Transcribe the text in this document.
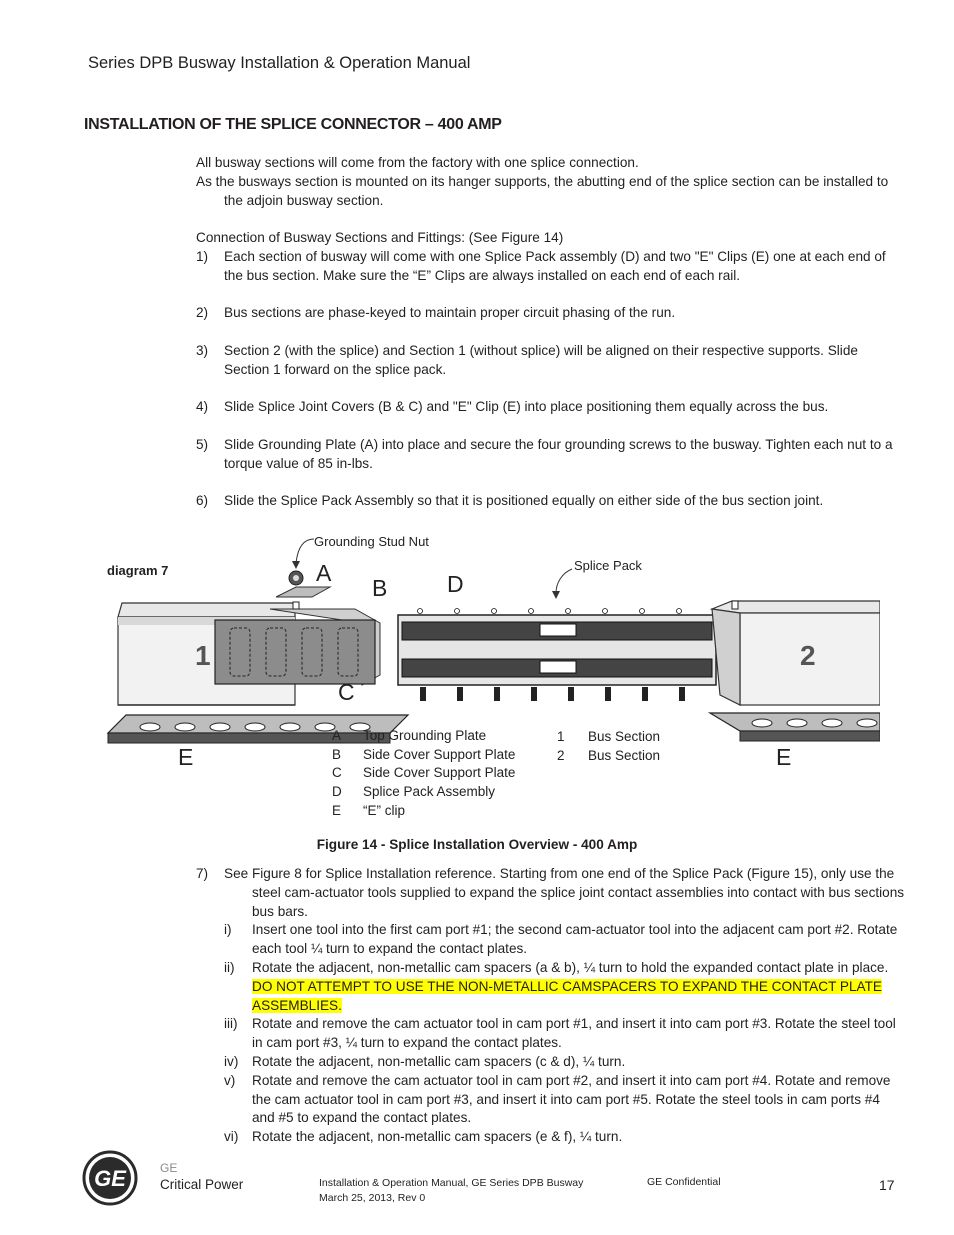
Series DPB Busway Installation & Operation Manual
INSTALLATION OF THE SPLICE CONNECTOR – 400 AMP

All busway sections will come from the factory with one splice connection.

As the busways section is mounted on its hanger supports, the abutting end of the splice section can be installed to the adjoin busway section.

Connection of Busway Sections and Fittings: (See Figure 14)

1) Each section of busway will come with one Splice Pack assembly (D) and two "E" Clips (E) one at each end of the bus section. Make sure the “E” Clips are always installed on each end of each rail.

2) Bus sections are phase-keyed to maintain proper circuit phasing of the run.

3) Section 2 (with the splice) and Section 1 (without splice) will be aligned on their respective supports. Slide Section 1 forward on the splice pack.

4) Slide Splice Joint Covers (B & C) and "E" Clip (E) into place positioning them equally across the bus.

5) Slide Grounding Plate (A) into place and secure the four grounding screws to the busway. Tighten each nut to a torque value of 85 in-lbs.

6) Slide the Splice Pack Assembly so that it is positioned equally on either side of the bus section joint.

diagram 7
1	2
Grounding Stud Nut
Splice Pack
A
B	D
C
E	E
A Top Grounding Plate
B Side Cover Support Plate
C Side Cover Support Plate
D Splice Pack Assembly
E “E” clip
1 Bus Section
2 Bus Section
Figure 14 - Splice Installation Overview - 400 Amp

7) See Figure 8 for Splice Installation reference. Starting from one end of the Splice Pack (Figure 15), only use the steel cam-actuator tools supplied to expand the splice joint contact assemblies into contact with bus sections bus bars.

i) Insert one tool into the first cam port #1; the second cam-actuator tool into the adjacent cam port #2. Rotate each tool ¼ turn to expand the contact plates.

ii) Rotate the adjacent, non-metallic cam spacers (a & b), ¼ turn to hold the expanded contact plate in place. DO NOT ATTEMPT TO USE THE NON-METALLIC CAMSPACERS TO EXPAND THE CONTACT PLATE ASSEMBLIES.

iii) Rotate and remove the cam actuator tool in cam port #1, and insert it into cam port #3. Rotate the steel tool in cam port #3, ¼ turn to expand the contact plates.

iv) Rotate the adjacent, non-metallic cam spacers (c & d), ¼ turn.

v) Rotate and remove the cam actuator tool in cam port #2, and insert it into cam port #4. Rotate and remove the cam actuator tool in cam port #3, and insert it into cam port #5. Rotate the steel tools in cam ports #4 and #5 to expand the contact plates.

vi) Rotate the adjacent, non-metallic cam spacers (e & f), ¼ turn.

GE	GE
Critical Power	Installation & Operation Manual, GE Series DPB Busway
March 25, 2013, Rev 0
GE Confidential	17
